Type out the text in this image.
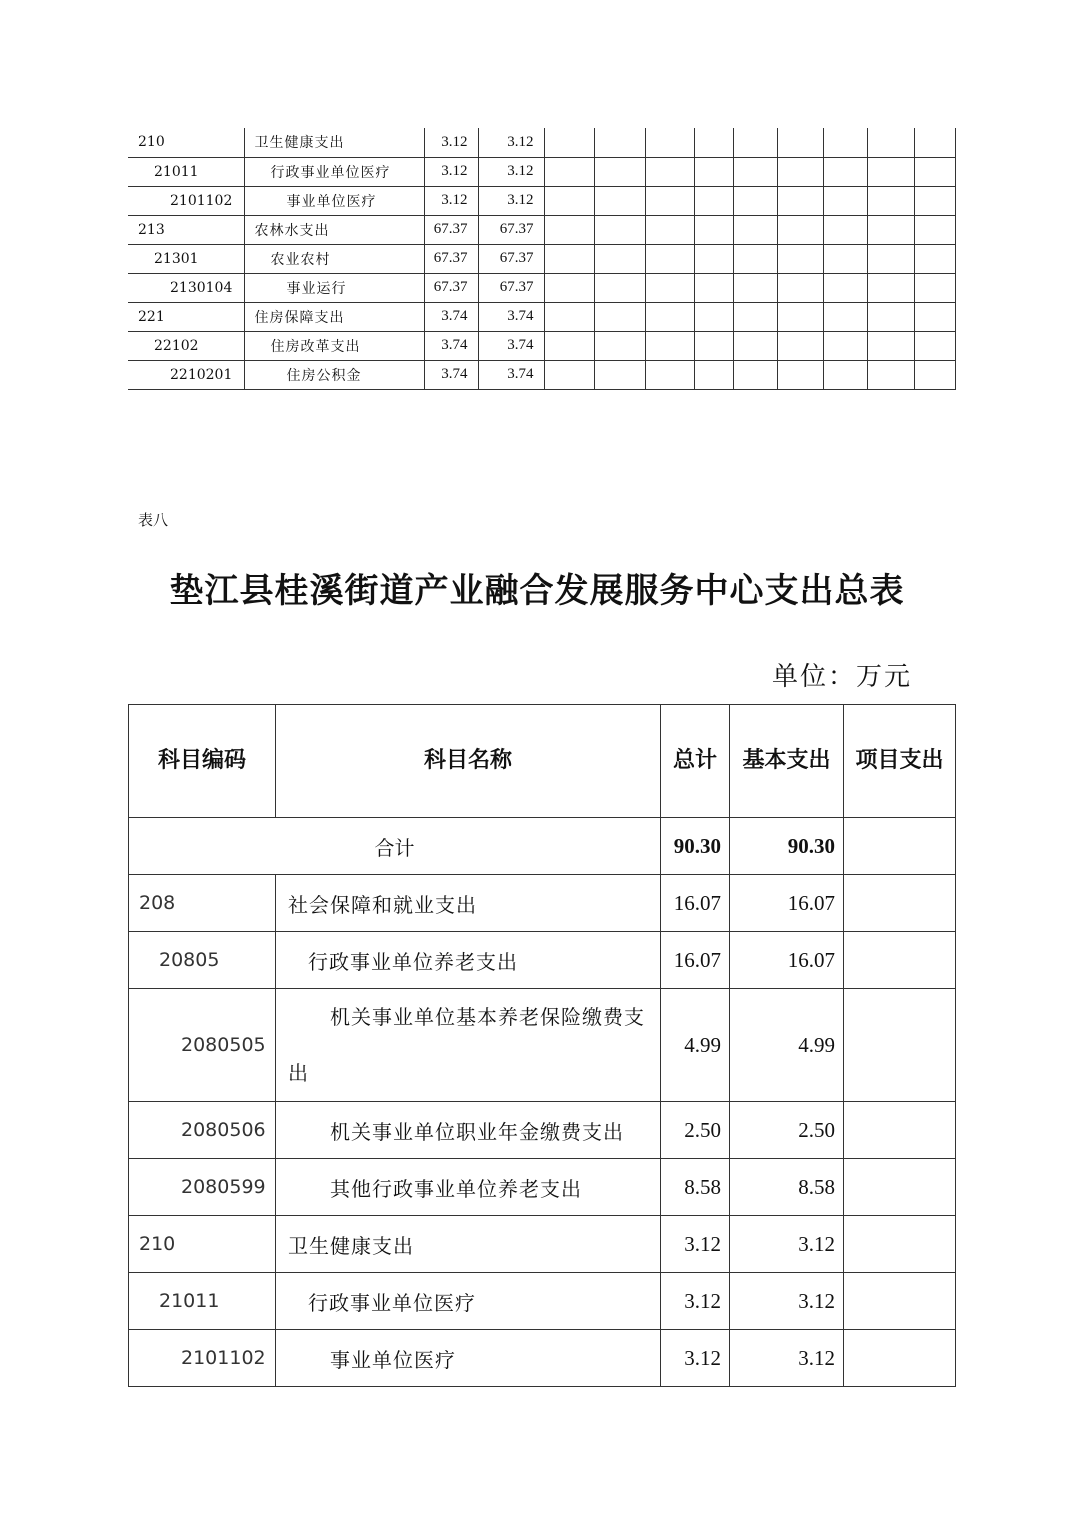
210	卫生健康支出	3.12	3.12									
21011	行政事业单位医疗	3.12	3.12									
2101102	事业单位医疗	3.12	3.12									
213	农林水支出	67.37	67.37									
21301	农业农村	67.37	67.37									
2130104	事业运行	67.37	67.37									
221	住房保障支出	3.74	3.74									
22102	住房改革支出	3.74	3.74									
2210201	住房公积金	3.74	3.74									
表八
垫江县桂溪街道产业融合发展服务中心支出总表
单位：万元
科目编码	科目名称	总计	基本支出	项目支出
合计		90.30	90.30	
208	社会保障和就业支出	16.07	16.07	
20805	行政事业单位养老支出	16.07	16.07	
2080505	机关事业单位基本养老保险缴费支出	4.99	4.99	
2080506	机关事业单位职业年金缴费支出	2.50	2.50	
2080599	其他行政事业单位养老支出	8.58	8.58	
210	卫生健康支出	3.12	3.12	
21011	行政事业单位医疗	3.12	3.12	
2101102	事业单位医疗	3.12	3.12	
